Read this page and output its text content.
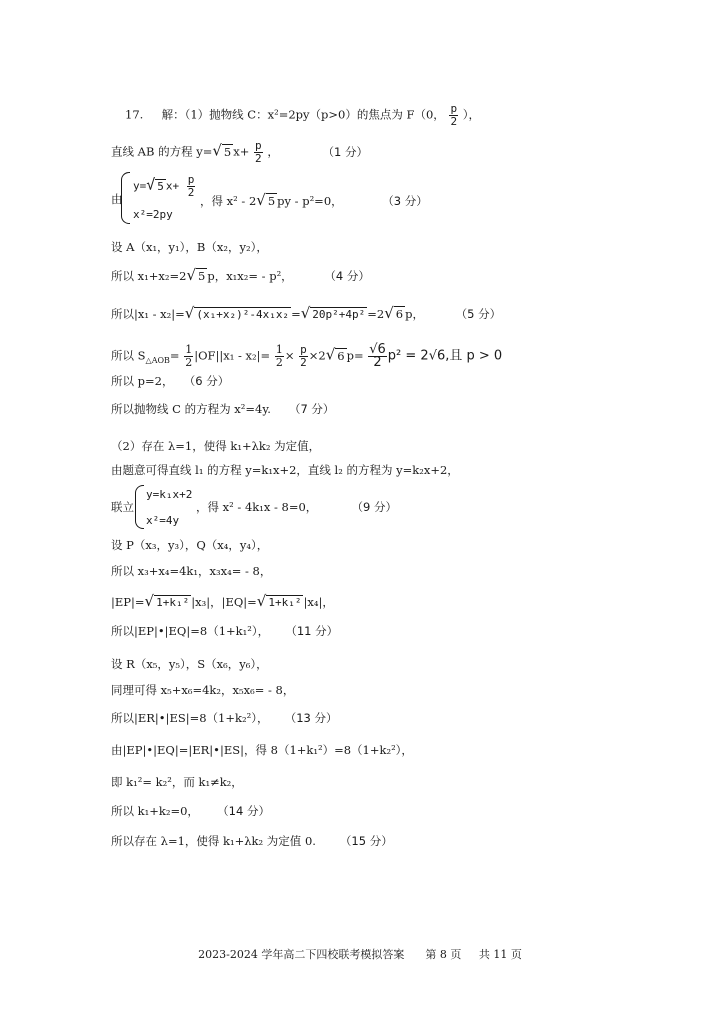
17. 解：（1）抛物线 C：x²=2py（p>0）的焦点为 F（0， $\frac{p}{2}$ ），
直线 AB 的方程 y=√ 5 $x+ \frac{p}{2}$ ，	（1 分）
由
y=√ 5 $x+ \frac{p}{2}$
x²=2py
，得 x² - 2√ 5 py - p²=0，	（3 分）
设 A（x₁，y₁），B（x₂，y₂），
所以 x₁+x₂=2√ 5 p，x₁x₂= - p²，	（4 分）
所以|x₁ - x₂|=√ (x₁+x₂)²-4x₁x₂ =√ 20p²+4p² =2√ 6 p，	（5 分）
所以 $S_{\triangle AOB}= \frac{1}{2} |OF||x_1 - x_2|= \frac{1}{2} \times \frac{p}{2} \times 2√$ 6 $p= \frac{√6}{2} p^2 = 2√6$,且 p > 0
所以 p=2， （6 分）
所以抛物线 C 的方程为 x²=4y. （7 分）
（2）存在 λ=1，使得 k₁+λk₂ 为定值，
由题意可得直线 l₁ 的方程 y=k₁x+2，直线 l₂ 的方程为 y=k₂x+2，
联立
y=k₁x+2
x²=4y
，得 x² - 4k₁x - 8=0，	（9 分）
设 P（x₃，y₃），Q（x₄，y₄），
所以 x₃+x₄=4k₁，x₃x₄= - 8，
|EP|=√ 1+k₁² |x₃|，|EQ|=√ 1+k₁² |x₄|，
所以|EP|•|EQ|=8（1+k₁²）， （11 分）
设 R（x₅，y₅），S（x₆，y₆），
同理可得 x₅+x₆=4k₂，x₅x₆= - 8，
所以|ER|•|ES|=8（1+k₂²）， （13 分）
由|EP|•|EQ|=|ER|•|ES|，得 8（1+k₁²）=8（1+k₂²），
即 k₁²= k₂²，而 k₁≠k₂，
所以 k₁+k₂=0， （14 分）
所以存在 λ=1，使得 k₁+λk₂ 为定值 0. （15 分）
2023-2024 学年高二下四校联考模拟答案 第 8 页 共 11 页
